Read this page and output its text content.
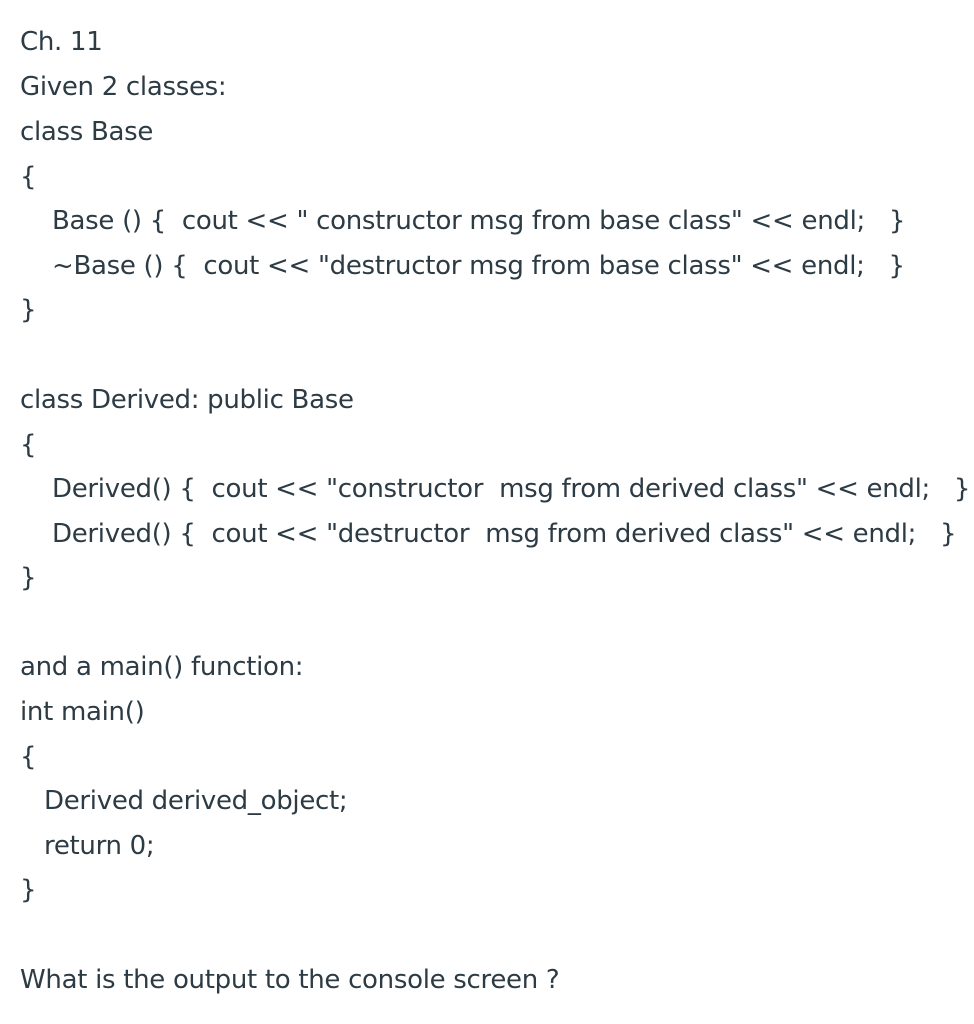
Ch. 11
Given 2 classes:
class Base
{
Base () {  cout << " constructor msg from base class" << endl;   }
~Base () {  cout << "destructor msg from base class" << endl;   }
}
class Derived: public Base
{
Derived() {  cout << "constructor  msg from derived class" << endl;   }
Derived() {  cout << "destructor  msg from derived class" << endl;   }
}
and a main() function:
int main()
{
Derived derived_object;
return 0;
}
What is the output to the console screen ?
